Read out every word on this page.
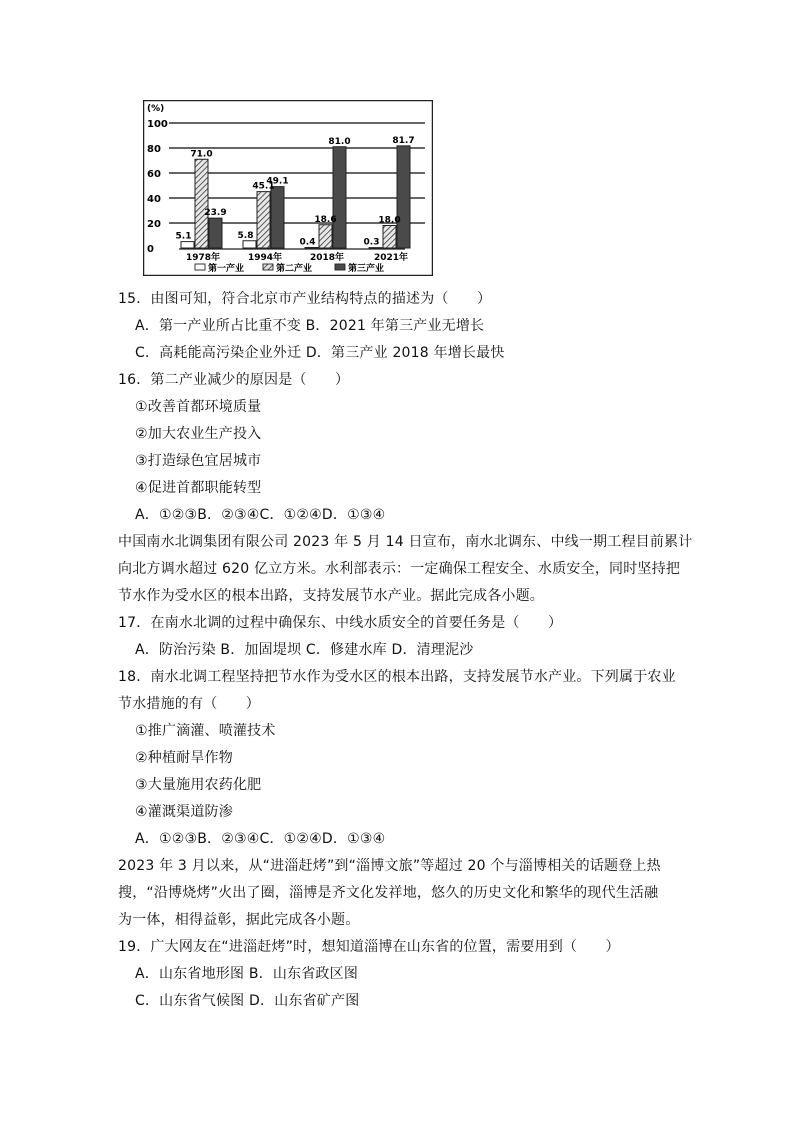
(%)
0
20
40
60
80
100
5.1
71.0
23.9
1978年
5.8
45.1
49.1
1994年
0.4
18.6
81.0
2018年
0.3
18.0
81.7
2021年
第一产业	第二产业	第三产业
15．由图可知，符合北京市产业结构特点的描述为（　　）
A．第一产业所占比重不变 B．2021 年第三产业无增长
C．高耗能高污染企业外迁 D．第三产业 2018 年增长最快
16．第二产业减少的原因是（　　）
①改善首都环境质量
②加大农业生产投入
③打造绿色宜居城市
④促进首都职能转型
A．①②③B．②③④C．①②④D．①③④
中国南水北调集团有限公司 2023 年 5 月 14 日宣布，南水北调东、中线一期工程目前累计
向北方调水超过 620 亿立方米。水利部表示：一定确保工程安全、水质安全，同时坚持把
节水作为受水区的根本出路，支持发展节水产业。据此完成各小题。
17．在南水北调的过程中确保东、中线水质安全的首要任务是（　　）
A．防治污染 B．加固堤坝 C．修建水库 D．清理泥沙
18．南水北调工程坚持把节水作为受水区的根本出路，支持发展节水产业。下列属于农业
节水措施的有（　　）
①推广滴灌、喷灌技术
②种植耐旱作物
③大量施用农药化肥
④灌溉渠道防渗
A．①②③B．②③④C．①②④D．①③④
2023 年 3 月以来，从“进淄赶烤”到“淄博文旅”等超过 20 个与淄博相关的话题登上热
搜，“沿博烧烤”火出了圈，淄博是齐文化发祥地，悠久的历史文化和繁华的现代生活融
为一体，相得益彰，据此完成各小题。
19．广大网友在“进淄赶烤”时，想知道淄博在山东省的位置，需要用到（　　）
A．山东省地形图 B．山东省政区图
C．山东省气候图 D．山东省矿产图
